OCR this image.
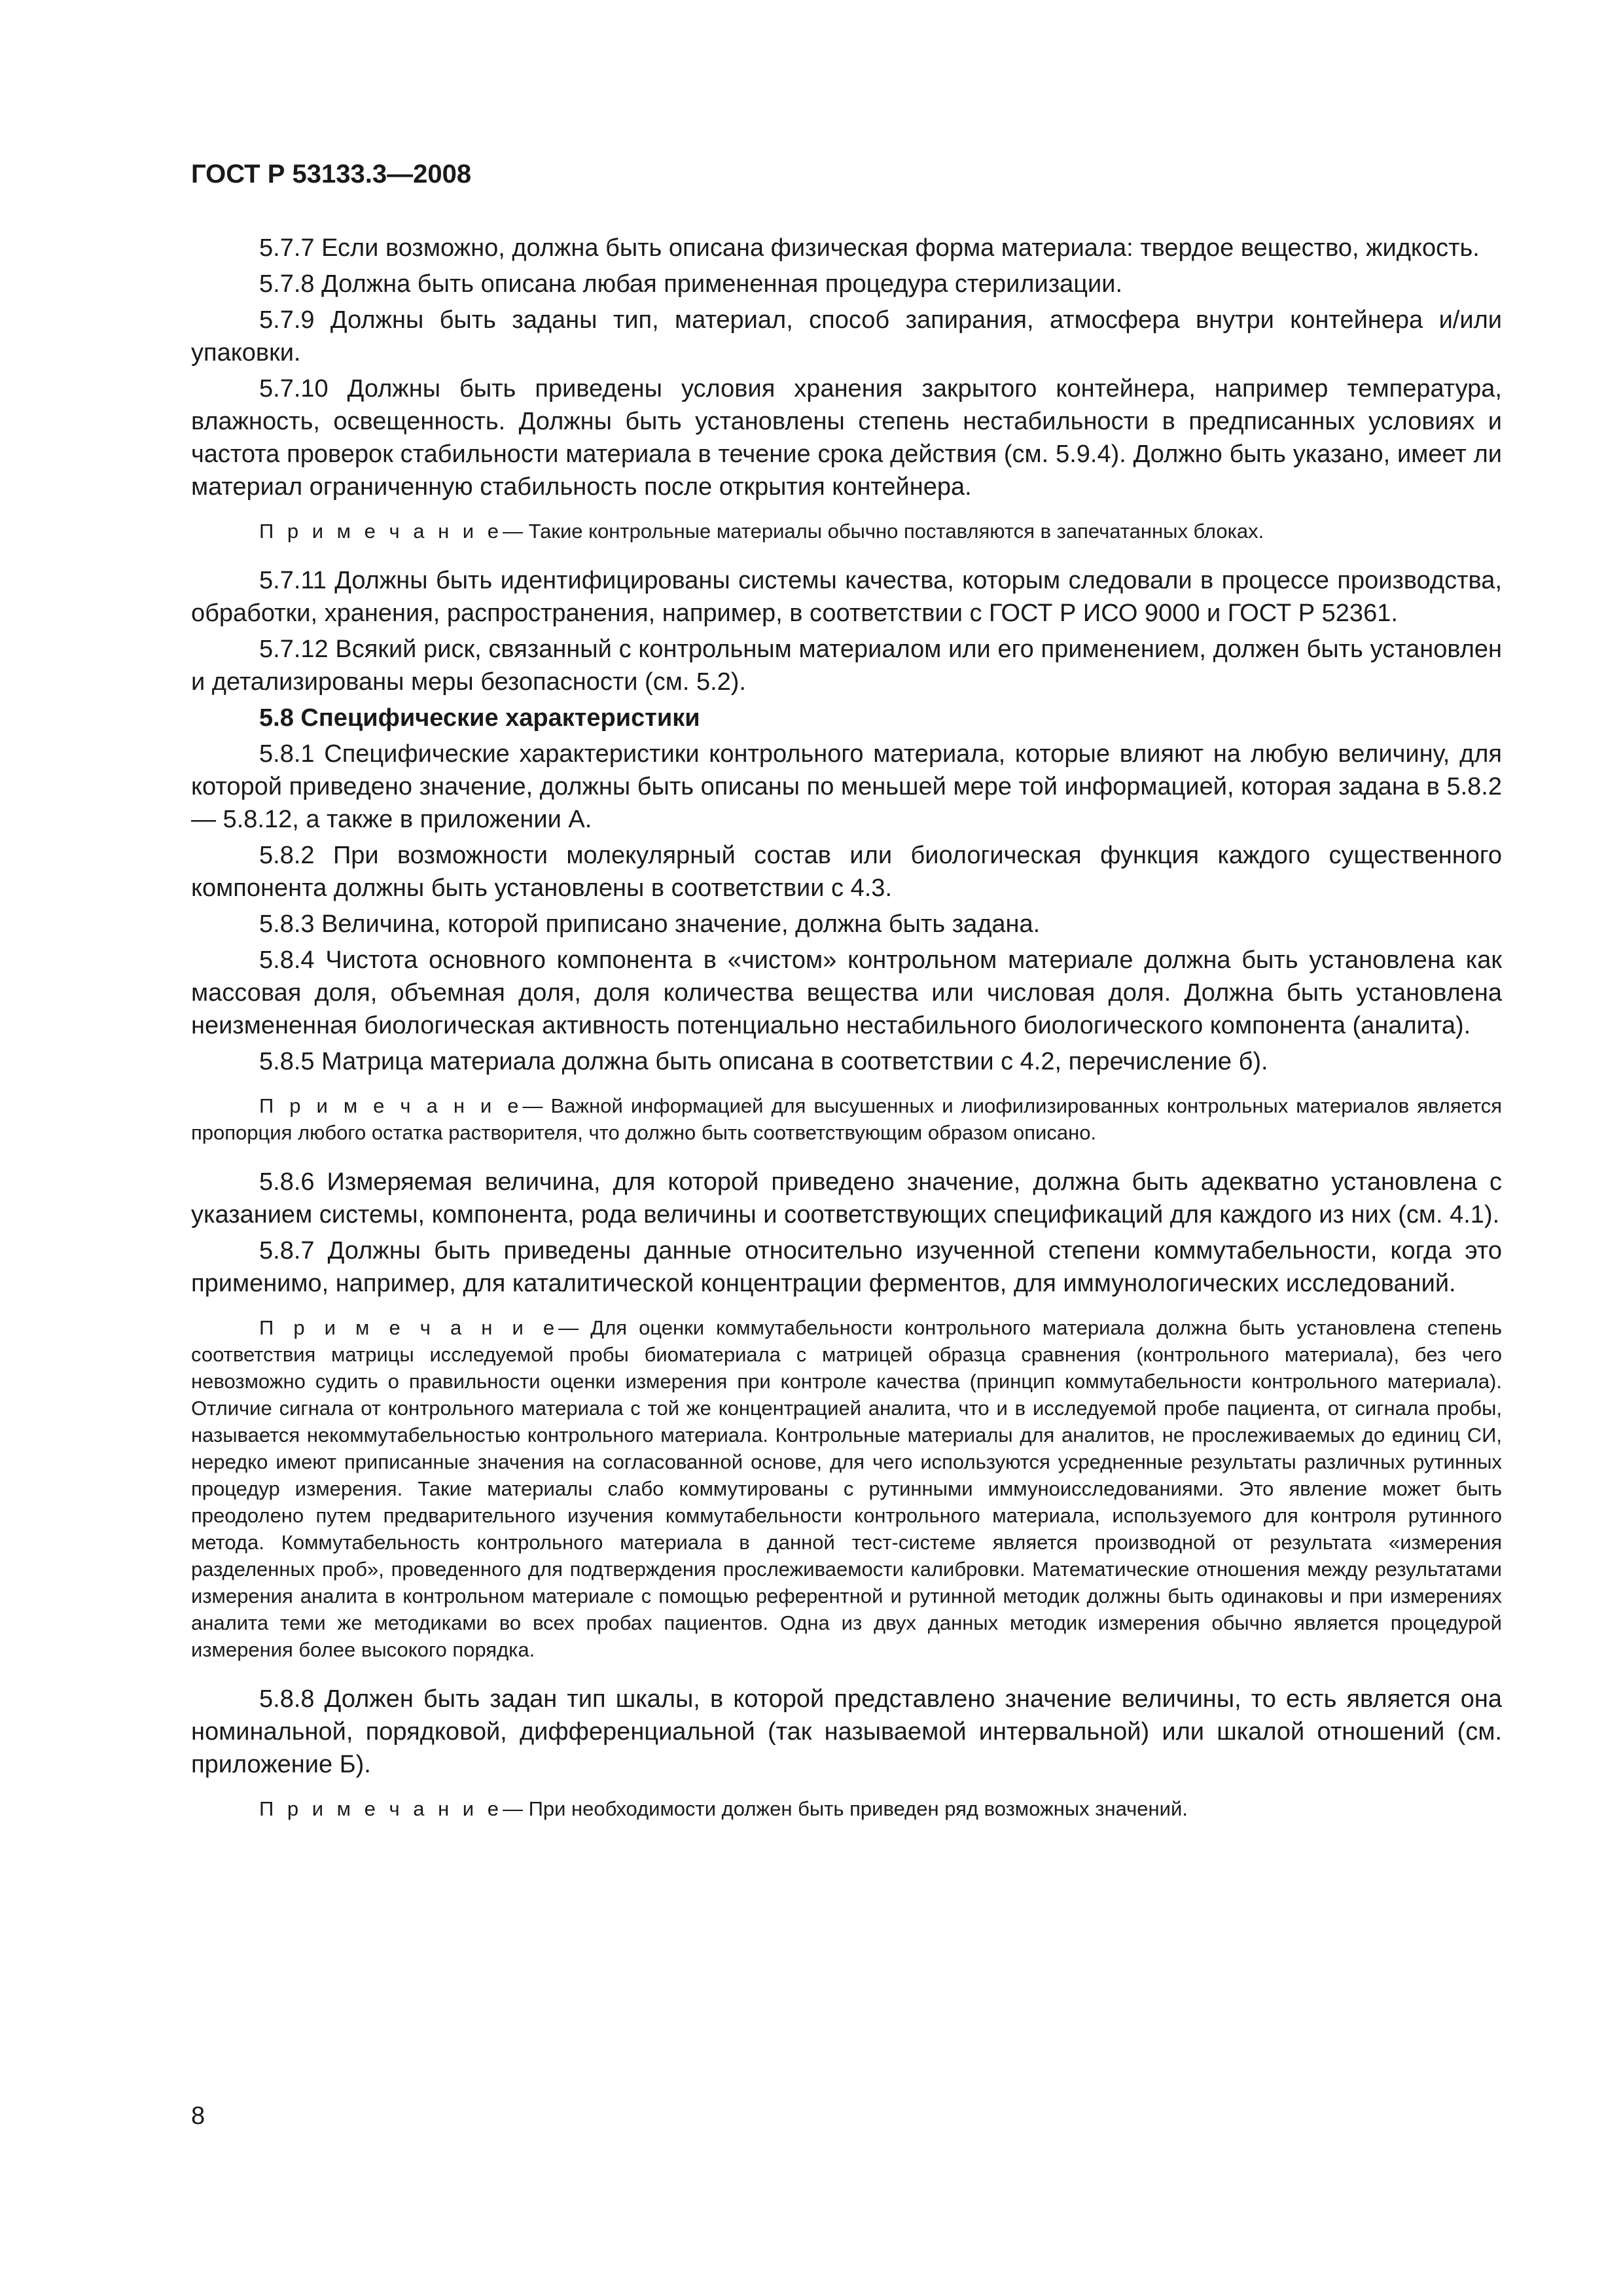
ГОСТ Р 53133.3—2008

5.7.7 Если возможно, должна быть описана физическая форма материала: твердое вещество, жидкость.

5.7.8 Должна быть описана любая примененная процедура стерилизации.

5.7.9 Должны быть заданы тип, материал, способ запирания, атмосфера внутри контейнера и/или упаковки.

5.7.10 Должны быть приведены условия хранения закрытого контейнера, например температура, влажность, освещенность. Должны быть установлены степень нестабильности в предписанных условиях и частота проверок стабильности материала в течение срока действия (см. 5.9.4). Должно быть указано, имеет ли материал ограниченную стабильность после открытия контейнера.

П р и м е ч а н и е— Такие контрольные материалы обычно поставляются в запечатанных блоках.

5.7.11 Должны быть идентифицированы системы качества, которым следовали в процессе производства, обработки, хранения, распространения, например, в соответствии с ГОСТ Р ИСО 9000 и ГОСТ Р 52361.

5.7.12 Всякий риск, связанный с контрольным материалом или его применением, должен быть установлен и детализированы меры безопасности (см. 5.2).

5.8 Специфические характеристики

5.8.1 Специфические характеристики контрольного материала, которые влияют на любую величину, для которой приведено значение, должны быть описаны по меньшей мере той информацией, которая задана в 5.8.2 — 5.8.12, а также в приложении А.

5.8.2 При возможности молекулярный состав или биологическая функция каждого существенного компонента должны быть установлены в соответствии с 4.3.

5.8.3 Величина, которой приписано значение, должна быть задана.

5.8.4 Чистота основного компонента в «чистом» контрольном материале должна быть установлена как массовая доля, объемная доля, доля количества вещества или числовая доля. Должна быть установлена неизмененная биологическая активность потенциально нестабильного биологического компонента (аналита).

5.8.5 Матрица материала должна быть описана в соответствии с 4.2, перечисление б).

П р и м е ч а н и е— Важной информацией для высушенных и лиофилизированных контрольных материалов является пропорция любого остатка растворителя, что должно быть соответствующим образом описано.

5.8.6 Измеряемая величина, для которой приведено значение, должна быть адекватно установлена с указанием системы, компонента, рода величины и соответствующих спецификаций для каждого из них (см. 4.1).

5.8.7 Должны быть приведены данные относительно изученной степени коммутабельности, когда это применимо, например, для каталитической концентрации ферментов, для иммунологических исследований.

П р и м е ч а н и е— Для оценки коммутабельности контрольного материала должна быть установлена степень соответствия матрицы исследуемой пробы биоматериала с матрицей образца сравнения (контрольного материала), без чего невозможно судить о правильности оценки измерения при контроле качества (принцип коммутабельности контрольного материала). Отличие сигнала от контрольного материала с той же концентрацией аналита, что и в исследуемой пробе пациента, от сигнала пробы, называется некоммутабельностью контрольного материала. Контрольные материалы для аналитов, не прослеживаемых до единиц СИ, нередко имеют приписанные значения на согласованной основе, для чего используются усредненные результаты различных рутинных процедур измерения. Такие материалы слабо коммутированы с рутинными иммуноисследованиями. Это явление может быть преодолено путем предварительного изучения коммутабельности контрольного материала, используемого для контроля рутинного метода. Коммутабельность контрольного материала в данной тест-системе является производной от результата «измерения разделенных проб», проведенного для подтверждения прослеживаемости калибровки. Математические отношения между результатами измерения аналита в контрольном материале с помощью референтной и рутинной методик должны быть одинаковы и при измерениях аналита теми же методиками во всех пробах пациентов. Одна из двух данных методик измерения обычно является процедурой измерения более высокого порядка.

5.8.8 Должен быть задан тип шкалы, в которой представлено значение величины, то есть является она номинальной, порядковой, дифференциальной (так называемой интервальной) или шкалой отношений (см. приложение Б).

П р и м е ч а н и е— При необходимости должен быть приведен ряд возможных значений.

8
